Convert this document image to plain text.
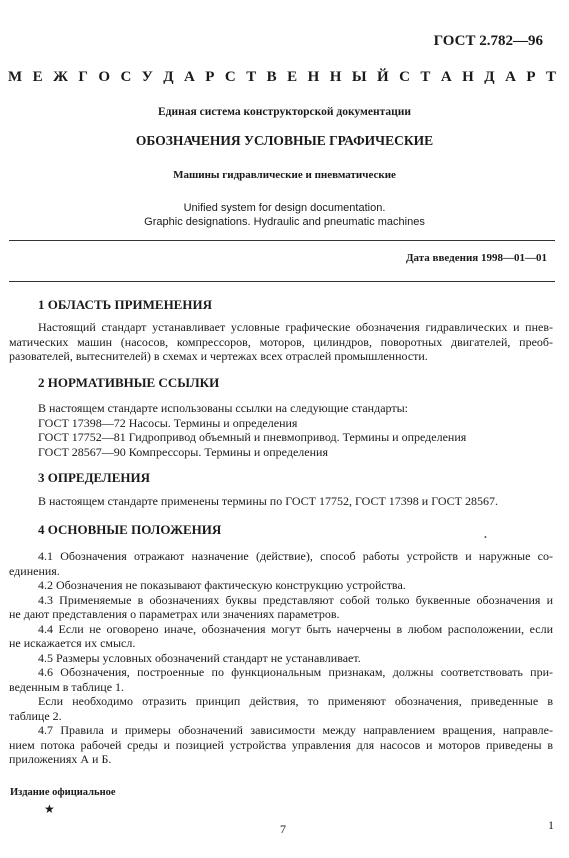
ГОСТ 2.782—96
М Е Ж Г О С У Д А Р С Т В Е Н Н Ы Й С Т А Н Д А Р Т
Единая система конструкторской документации
ОБОЗНАЧЕНИЯ УСЛОВНЫЕ ГРАФИЧЕСКИЕ
Машины гидравлические и пневматические
Unified system for design documentation.
Graphic designations. Hydraulic and pneumatic machines
Дата введения 1998—01—01
1 ОБЛАСТЬ ПРИМЕНЕНИЯ
Настоящий стандарт устанавливает условные графические обозначения гидравлических и пнев-
матических машин (насосов, компрессоров, моторов, цилиндров, поворотных двигателей, преоб-
разователей, вытеснителей) в схемах и чертежах всех отраслей промышленности.
2 НОРМАТИВНЫЕ ССЫЛКИ
В настоящем стандарте использованы ссылки на следующие стандарты:
ГОСТ 17398—72 Насосы. Термины и определения
ГОСТ 17752—81 Гидропривод объемный и пневмопривод. Термины и определения
ГОСТ 28567—90 Компрессоры. Термины и определения
3 ОПРЕДЕЛЕНИЯ
В настоящем стандарте применены термины по ГОСТ 17752, ГОСТ 17398 и ГОСТ 28567.
4 ОСНОВНЫЕ ПОЛОЖЕНИЯ
•
4.1 Обозначения отражают назначение (действие), способ работы устройств и наружные со-
единения.
4.2 Обозначения не показывают фактическую конструкцию устройства.
4.3 Применяемые в обозначениях буквы представляют собой только буквенные обозначения и
не дают представления о параметрах или значениях параметров.
4.4 Если не оговорено иначе, обозначения могут быть начерчены в любом расположении, если
не искажается их смысл.
4.5 Размеры условных обозначений стандарт не устанавливает.
4.6 Обозначения, построенные по функциональным признакам, должны соответствовать при-
веденным в таблице 1.
Если необходимо отразить принцип действия, то применяют обозначения, приведенные в
таблице 2.
4.7 Правила и примеры обозначений зависимости между направлением вращения, направле-
нием потока рабочей среды и позицией устройства управления для насосов и моторов приведены в
приложениях А и Б.
Издание официальное
★
7	1
